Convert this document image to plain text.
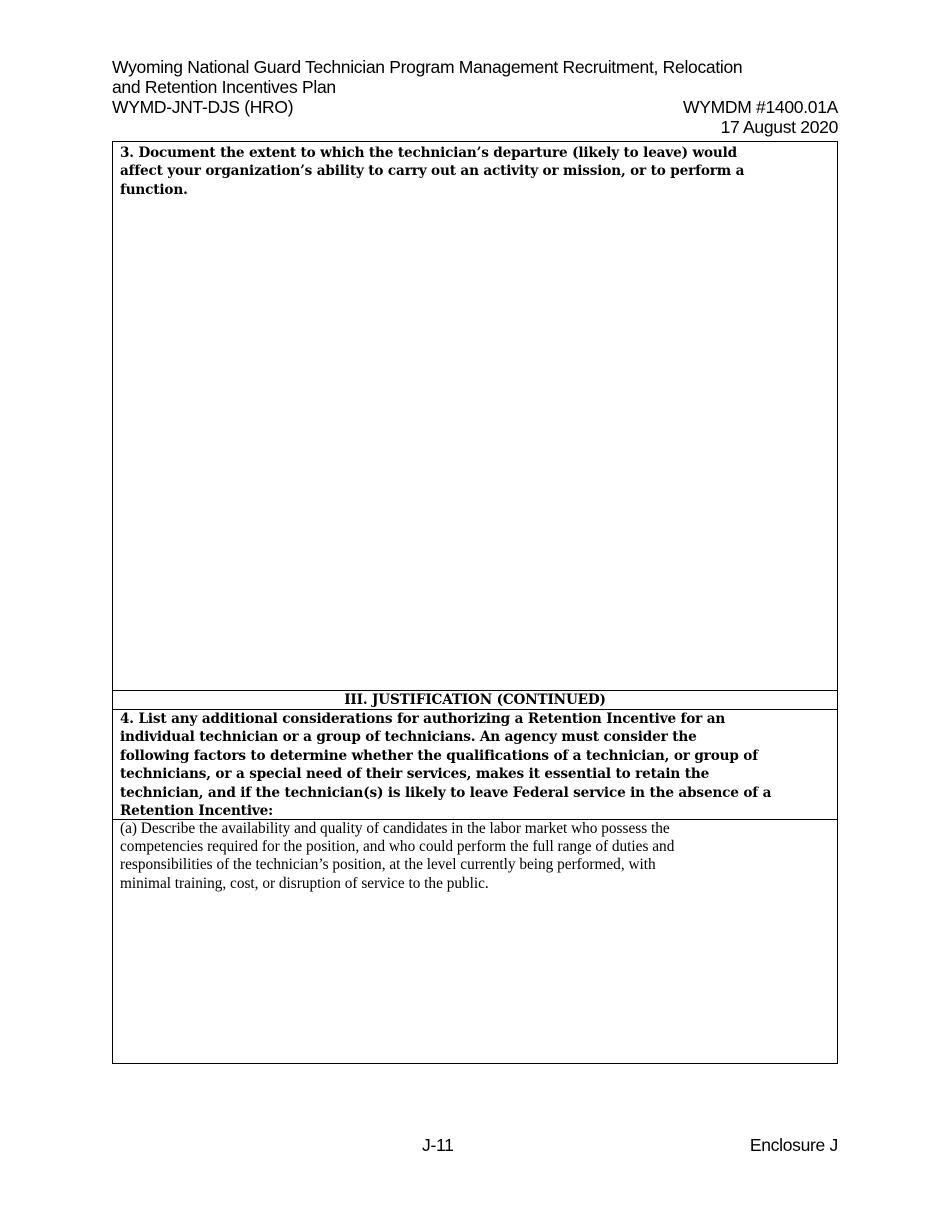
Wyoming National Guard Technician Program Management Recruitment, Relocation
and Retention Incentives Plan
WYMD-JNT-DJS (HRO)	WYMDM #1400.01A
17 August 2020
3. Document the extent to which the technician’s departure (likely to leave) would
affect your organization’s ability to carry out an activity or mission, or to perform a
function.
III. JUSTIFICATION (CONTINUED)
4. List any additional considerations for authorizing a Retention Incentive for an
individual technician or a group of technicians. An agency must consider the
following factors to determine whether the qualifications of a technician, or group of
technicians, or a special need of their services, makes it essential to retain the
technician, and if the technician(s) is likely to leave Federal service in the absence of a
Retention Incentive:
(a) Describe the availability and quality of candidates in the labor market who possess the
competencies required for the position, and who could perform the full range of duties and
responsibilities of the technician’s position, at the level currently being performed, with
minimal training, cost, or disruption of service to the public.
J-11	Enclosure J
